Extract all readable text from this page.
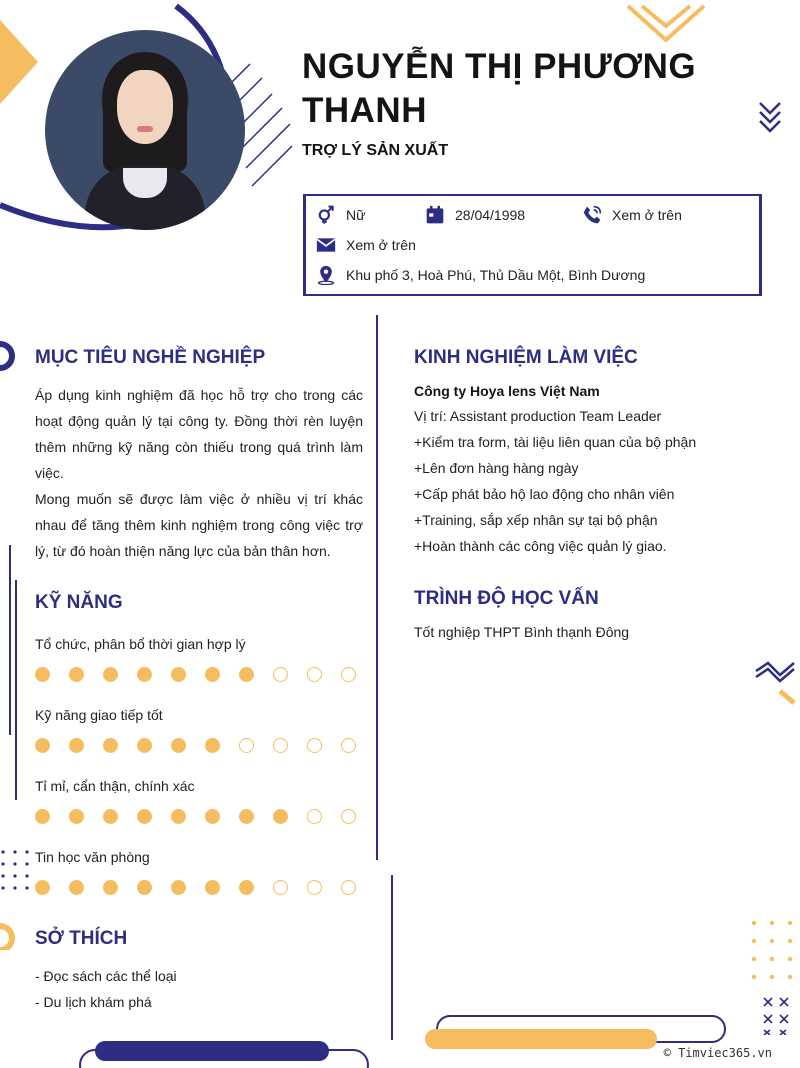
NGUYỄN THỊ PHƯƠNG THANH
TRỢ LÝ SẢN XUẤT
Nữ	28/04/1998	Xem ở trên
Xem ở trên
Khu phố 3, Hoà Phú, Thủ Dầu Một, Bình Dương
MỤC TIÊU NGHỀ NGHIỆP
Áp dụng kinh nghiệm đã học hỗ trợ cho trong các hoạt động quản lý tại công ty. Đồng thời rèn luyện thêm những kỹ năng còn thiếu trong quá trình làm việc.
Mong muốn sẽ được làm việc ở nhiều vị trí khác nhau để tăng thêm kinh nghiệm trong công việc trợ lý, từ đó hoàn thiện năng lực của bản thân hơn.
KỸ NĂNG
Tổ chức, phân bổ thời gian hợp lý
Kỹ năng giao tiếp tốt
Tỉ mỉ, cẩn thận, chính xác
Tin học văn phòng
SỞ THÍCH
- Đọc sách các thể loại
- Du lịch khám phá
KINH NGHIỆM LÀM VIỆC
Công ty Hoya lens Việt Nam
Vị trí: Assistant production Team Leader
+Kiểm tra form, tài liệu liên quan của bộ phận
+Lên đơn hàng hàng ngày
+Cấp phát bảo hộ lao động cho nhân viên
+Training, sắp xếp nhân sự tại bộ phận
+Hoàn thành các công việc quản lý giao.
TRÌNH ĐỘ HỌC VẤN
Tốt nghiệp THPT Bình thạnh Đông
© Timviec365.vn
